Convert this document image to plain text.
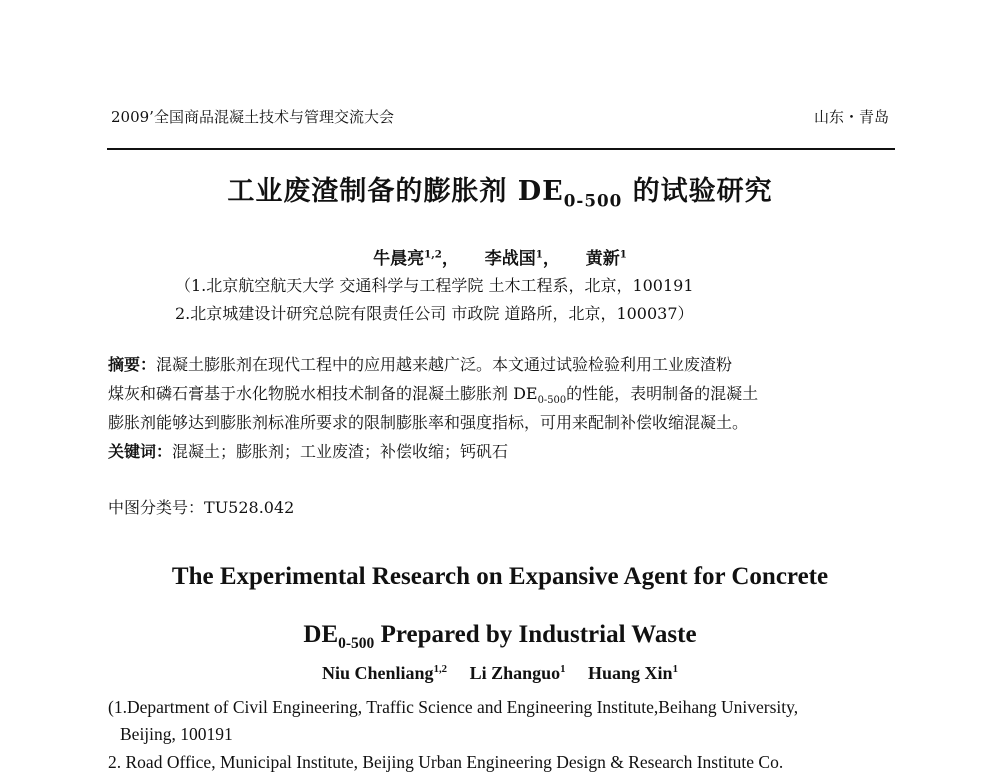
2009’全国商品混凝土技术与管理交流大会	山东・青岛
工业废渣制备的膨胀剂 $DE_{0-500}$ 的试验研究
牛晨亮$^{1,2}$， 李战国$^1$， 黄新$^1$
（1.北京航空航天大学 交通科学与工程学院 土木工程系，北京，100191
2.北京城建设计研究总院有限责任公司 市政院 道路所，北京，100037）
摘要：混凝土膨胀剂在现代工程中的应用越来越广泛。本文通过试验检验利用工业废渣粉
煤灰和磷石膏基于水化物脱水相技术制备的混凝土膨胀剂 $DE_{0-500}$的性能，表明制备的混凝土
膨胀剂能够达到膨胀剂标准所要求的限制膨胀率和强度指标，可用来配制补偿收缩混凝土。
关键词：混凝土；膨胀剂；工业废渣；补偿收缩；钙矾石
中图分类号：TU528.042
The Experimental Research on Expansive Agent for Concrete
$DE_{0-500}$ Prepared by Industrial Waste
Niu Chenliang$^{1,2}$ Li Zhanguo$^1$ Huang Xin$^1$
(1.Department of Civil Engineering, Traffic Science and Engineering Institute,Beihang University,
Beijing, 100191
2. Road Office, Municipal Institute, Beijing Urban Engineering Design & Research Institute Co.
